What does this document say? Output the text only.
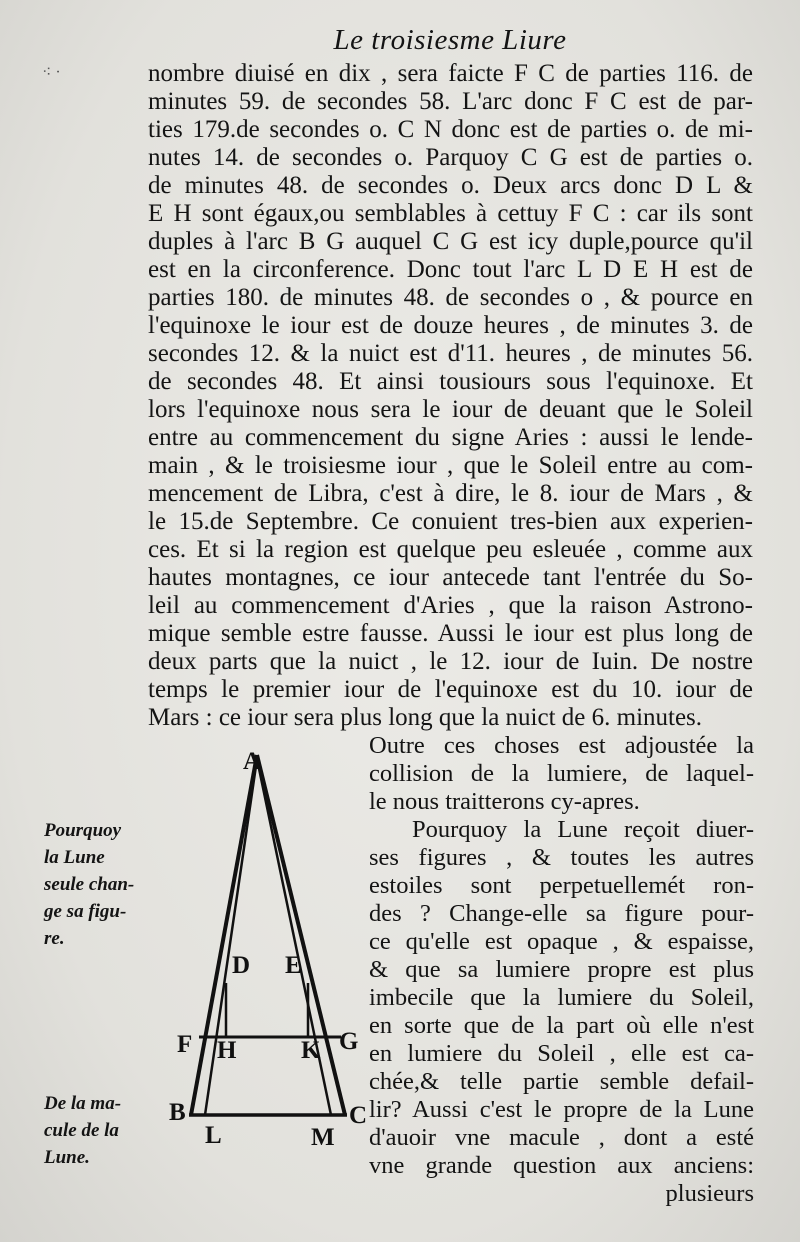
⁖ ·
Le troisiesme Liure
nombre diuisé en dix , sera faicte F C de parties 116. de
minutes 59. de secondes 58. L'arc donc F C est de par-
ties 179.de secondes o. C N donc est de parties o. de mi-
nutes 14. de secondes o. Parquoy C G est de parties o.
de minutes 48. de secondes o. Deux arcs donc D L &
E H sont égaux,ou semblables à cettuy F C : car ils sont
duples à l'arc B G auquel C G est icy duple,pource qu'il
est en la circonference. Donc tout l'arc L D E H est de
parties 180. de minutes 48. de secondes o , & pource en
l'equinoxe le iour est de douze heures , de minutes 3. de
secondes 12. & la nuict est d'11. heures , de minutes 56.
de secondes 48. Et ainsi tousiours sous l'equinoxe. Et
lors l'equinoxe nous sera le iour de deuant que le Soleil
entre au commencement du signe Aries : aussi le lende-
main , & le troisiesme iour , que le Soleil entre au com-
mencement de Libra, c'est à dire, le 8. iour de Mars , &
le 15.de Septembre. Ce conuient tres-bien aux experien-
ces. Et si la region est quelque peu esleuée , comme aux
hautes montagnes, ce iour antecede tant l'entrée du So-
leil au commencement d'Aries , que la raison Astrono-
mique semble estre fausse. Aussi le iour est plus long de
deux parts que la nuict , le 12. iour de Iuin. De nostre
temps le premier iour de l'equinoxe est du 10. iour de
Mars : ce iour sera plus long que la nuict de 6. minutes.
Outre ces choses est adjoustée la
collision de la lumiere, de laquel-
le nous traitterons cy-apres.
Pourquoy la Lune reçoit diuer-
ses figures , & toutes les autres
estoiles sont perpetuellemét ron-
des ? Change-elle sa figure pour-
ce qu'elle est opaque , & espaisse,
& que sa lumiere propre est plus
imbecile que la lumiere du Soleil,
en sorte que de la part où elle n'est
en lumiere du Soleil , elle est ca-
chée,& telle partie semble defail-
lir? Aussi c'est le propre de la Lune
d'auoir vne macule , dont a esté
vne grande question aux anciens:
plusieurs
Pourquoy
la Lune
seule chan-
ge sa figu-
re.
De la ma-
cule de la
Lune.
A
D E
F H	K G
B
L	M
C
